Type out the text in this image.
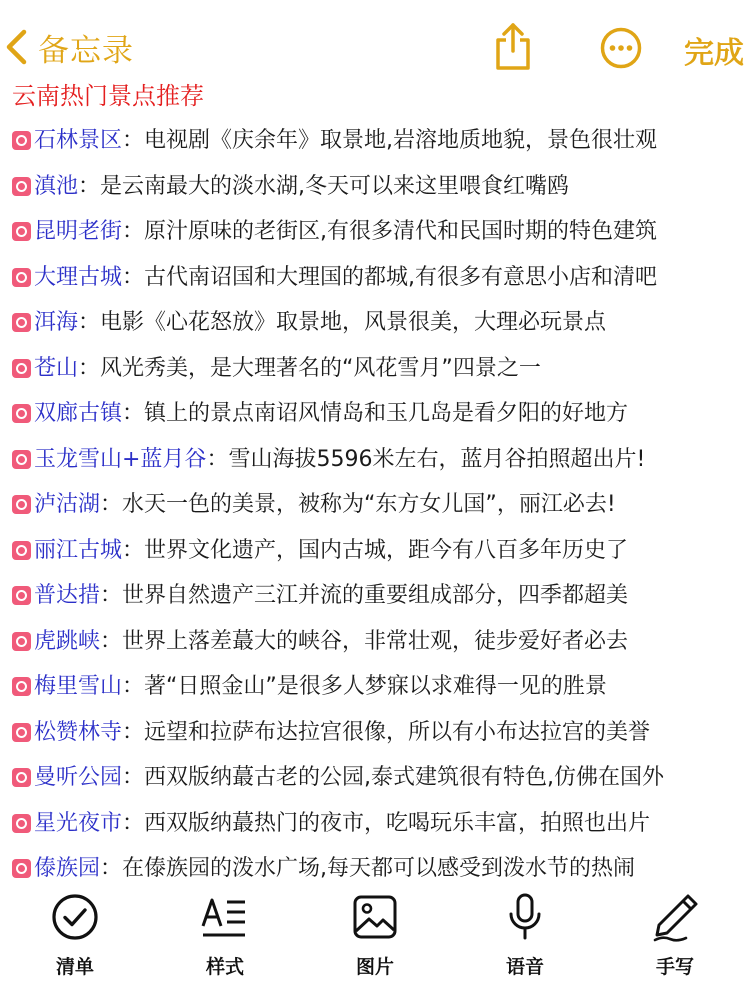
备忘录	完成
云南热门景点推荐
石林景区 ： 电视剧《庆余年》取景地,岩溶地质地貌，景色很壮观
滇池 ： 是云南最大的淡水湖,冬天可以来这里喂食红嘴鸥
昆明老街 ： 原汁原味的老街区,有很多清代和民国时期的特色建筑
大理古城 ： 古代南诏国和大理国的都城,有很多有意思小店和清吧
洱海 ： 电影《心花怒放》取景地，风景很美，大理必玩景点
苍山 ： 风光秀美，是大理著名的“风花雪月”四景之一
双廊古镇 ： 镇上的景点南诏风情岛和玉几岛是看夕阳的好地方
玉龙雪山+蓝月谷 ： 雪山海拔5596米左右，蓝月谷拍照超出片!
泸沽湖 ： 水天一色的美景，被称为“东方女儿国”，丽江必去!
丽江古城 ： 世界文化遗产，国内古城，距今有八百多年历史了
普达措 ： 世界自然遗产三江并流的重要组成部分，四季都超美
虎跳峡 ： 世界上落差蕞大的峡谷，非常壮观，徒步爱好者必去
梅里雪山 ： 著“日照金山”是很多人梦寐以求难得一见的胜景
松赞林寺 ： 远望和拉萨布达拉宫很像，所以有小布达拉宫的美誉
曼听公园 ： 西双版纳蕞古老的公园,泰式建筑很有特色,仿佛在国外
星光夜市 ： 西双版纳蕞热门的夜市，吃喝玩乐丰富，拍照也出片
傣族园 ： 在傣族园的泼水广场,每天都可以感受到泼水节的热闹
清单	样式	图片	语音	手写
